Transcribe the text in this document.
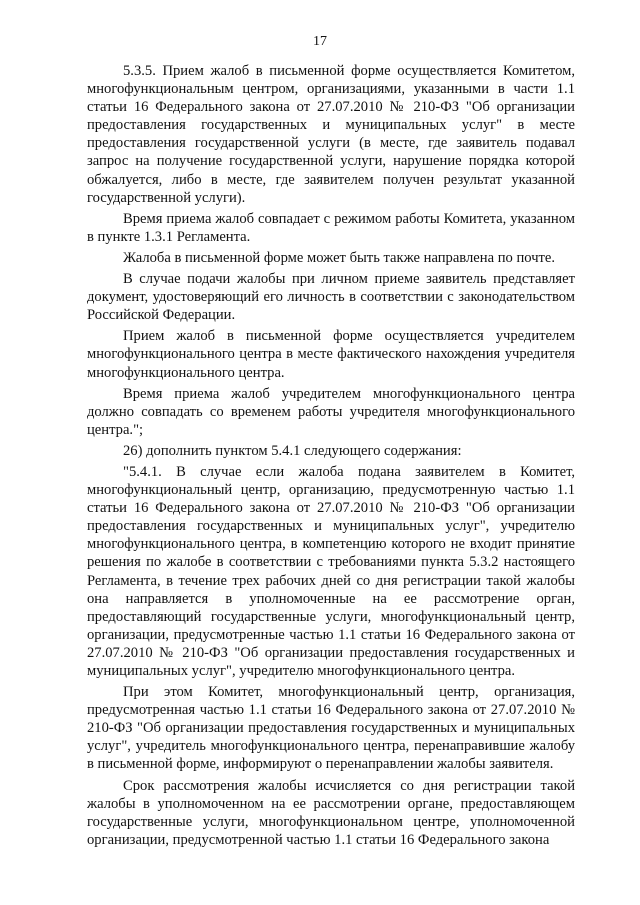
17

5.3.5. Прием жалоб в письменной форме осуществляется Комитетом, многофункциональным центром, организациями, указанными в части 1.1 статьи 16 Федерального закона от 27.07.2010 № 210-ФЗ "Об организации предоставления государственных и муниципальных услуг" в месте предоставления государственной услуги (в месте, где заявитель подавал запрос на получение государственной услуги, нарушение порядка которой обжалуется, либо в месте, где заявителем получен результат указанной государственной услуги).

Время приема жалоб совпадает с режимом работы Комитета, указанном в пункте 1.3.1 Регламента.

Жалоба в письменной форме может быть также направлена по почте.

В случае подачи жалобы при личном приеме заявитель представляет документ, удостоверяющий его личность в соответствии с законодательством Российской Федерации.

Прием жалоб в письменной форме осуществляется учредителем многофункционального центра в месте фактического нахождения учредителя многофункционального центра.

Время приема жалоб учредителем многофункционального центра должно совпадать со временем работы учредителя многофункционального центра.";

26) дополнить пунктом 5.4.1 следующего содержания:

"5.4.1. В случае если жалоба подана заявителем в Комитет, многофункциональный центр, организацию, предусмотренную частью 1.1 статьи 16 Федерального закона от 27.07.2010 № 210-ФЗ "Об организации предоставления государственных и муниципальных услуг", учредителю многофункционального центра, в компетенцию которого не входит принятие решения по жалобе в соответствии с требованиями пункта 5.3.2 настоящего Регламента, в течение трех рабочих дней со дня регистрации такой жалобы она направляется в уполномоченные на ее рассмотрение орган, предоставляющий государственные услуги, многофункциональный центр, организации, предусмотренные частью 1.1 статьи 16 Федерального закона от 27.07.2010 № 210-ФЗ "Об организации предоставления государственных и муниципальных услуг", учредителю многофункционального центра.

При этом Комитет, многофункциональный центр, организация, предусмотренная частью 1.1 статьи 16 Федерального закона от 27.07.2010 № 210-ФЗ "Об организации предоставления государственных и муниципальных услуг", учредитель многофункционального центра, перенаправившие жалобу в письменной форме, информируют о перенаправлении жалобы заявителя.

Срок рассмотрения жалобы исчисляется со дня регистрации такой жалобы в уполномоченном на ее рассмотрении органе, предоставляющем государственные услуги, многофункциональном центре, уполномоченной организации, предусмотренной частью 1.1 статьи 16 Федерального закона
